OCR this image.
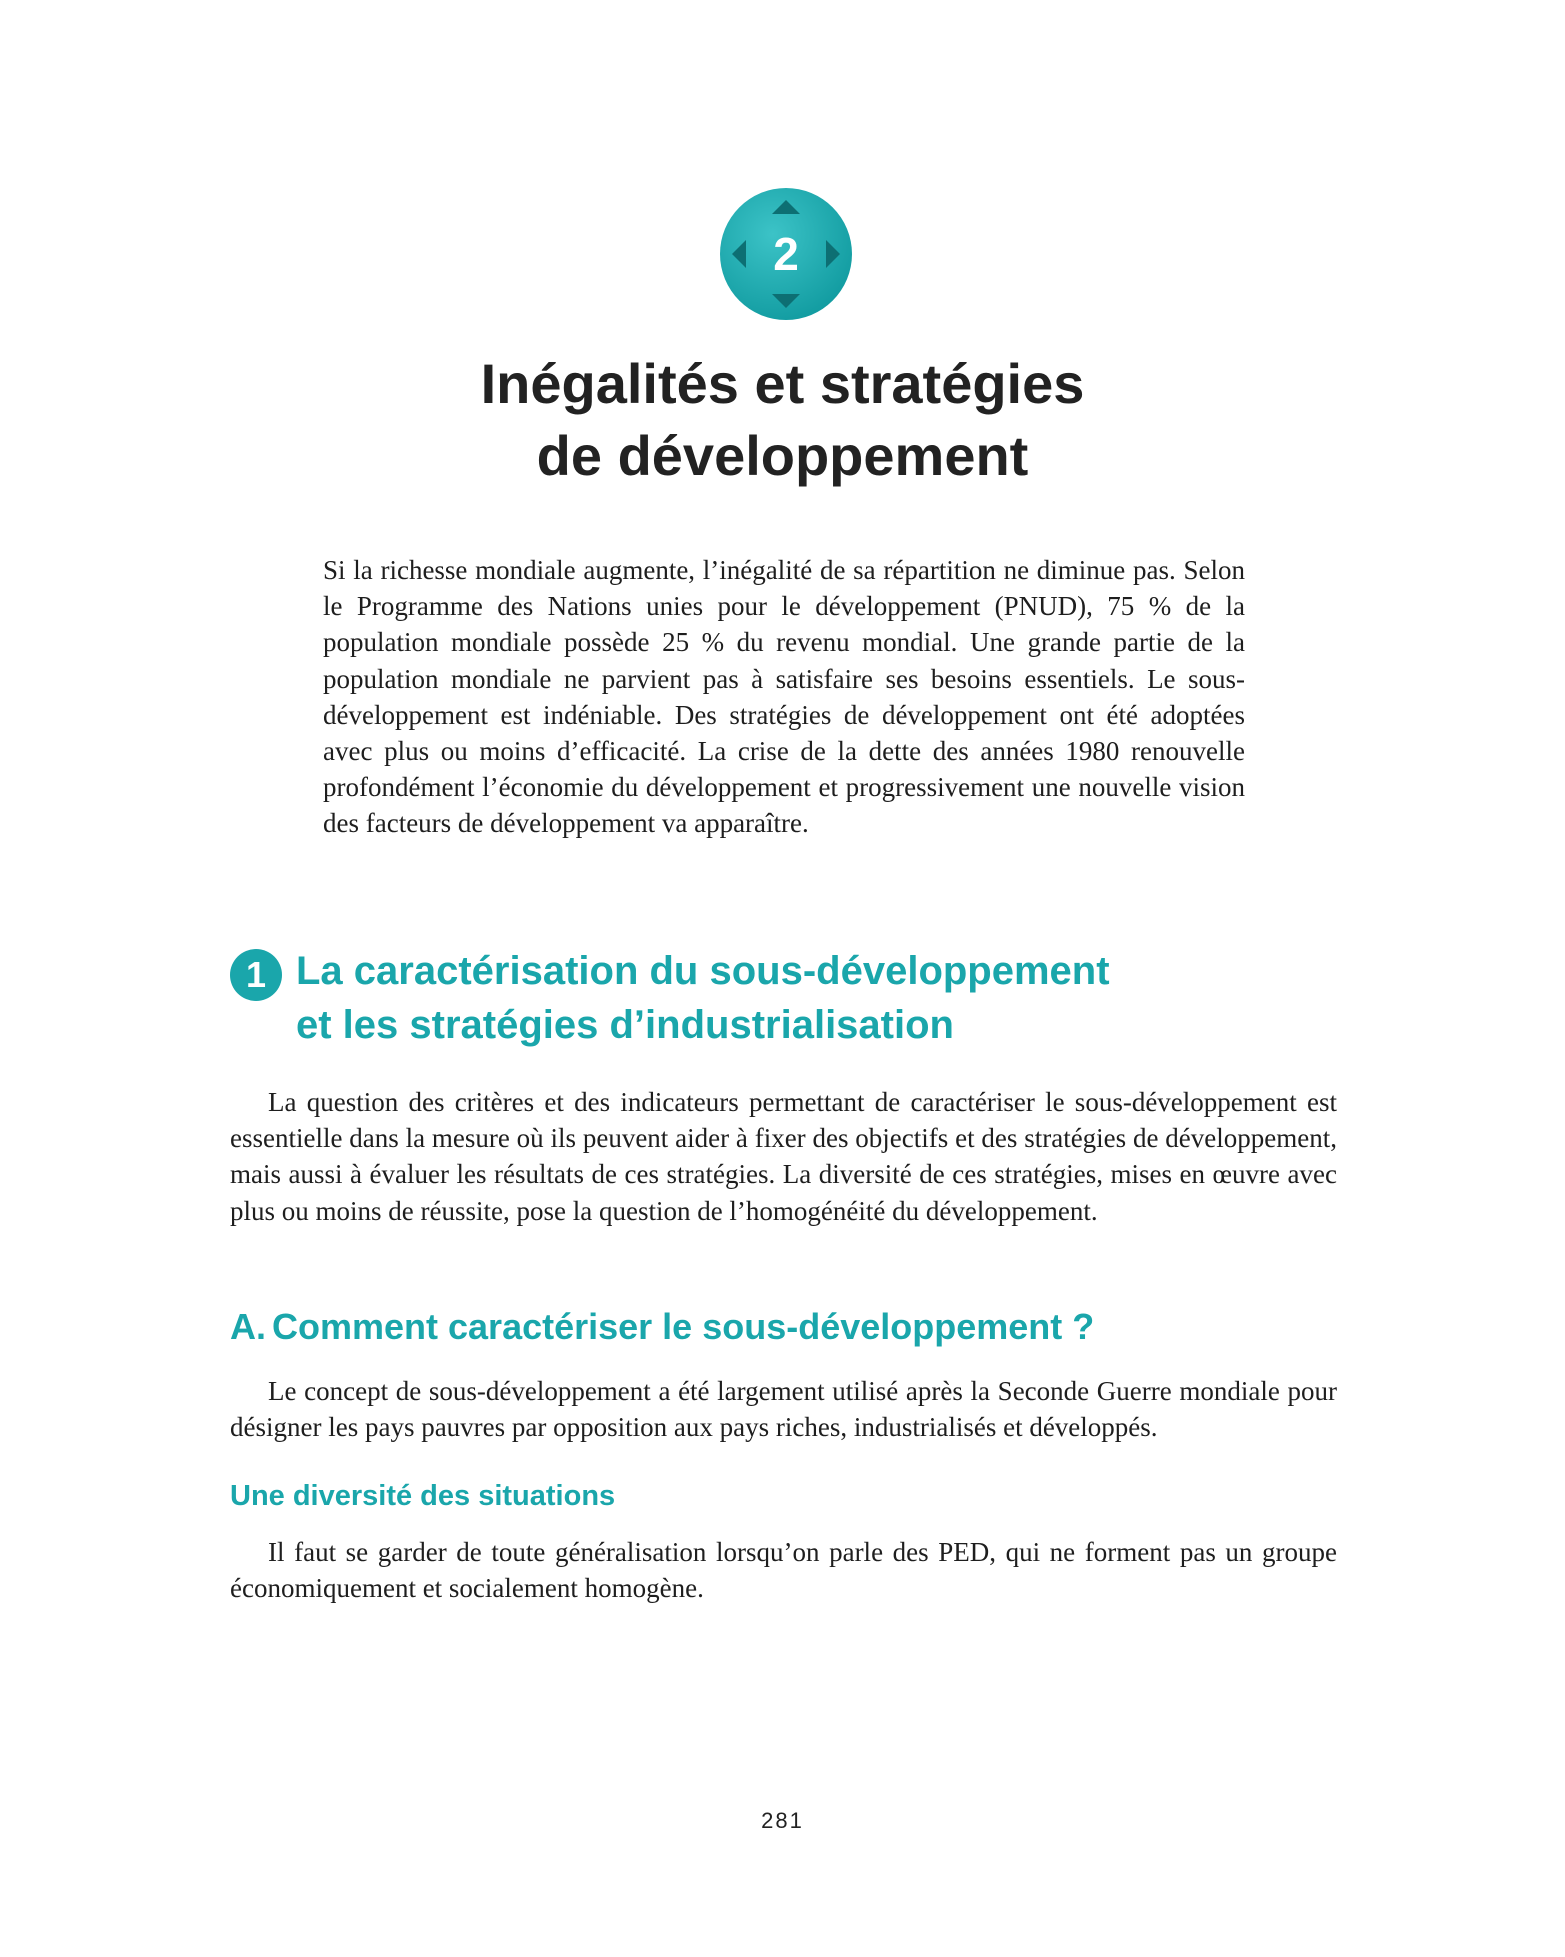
2
Inégalités et stratégies
de développement

Si la richesse mondiale augmente, l’inégalité de sa répartition ne diminue pas. Selon le Programme des Nations unies pour le développement (PNUD), 75 % de la population mondiale possède 25 % du revenu mondial. Une grande partie de la population mondiale ne parvient pas à satisfaire ses besoins essentiels. Le sous-développement est indéniable. Des stratégies de développement ont été adoptées avec plus ou moins d’efficacité. La crise de la dette des années 1980 renouvelle profondément l’économie du développement et progressivement une nouvelle vision des facteurs de développement va apparaître.

1 La caractérisation du sous-développement
et les stratégies d’industrialisation

La question des critères et des indicateurs permettant de caractériser le sous-développement est essentielle dans la mesure où ils peuvent aider à fixer des objectifs et des stratégies de développement, mais aussi à évaluer les résultats de ces stratégies. La diversité de ces stratégies, mises en œuvre avec plus ou moins de réussite, pose la question de l’homogénéité du développement.

A. Comment caractériser le sous-développement ?

Le concept de sous-développement a été largement utilisé après la Seconde Guerre mondiale pour désigner les pays pauvres par opposition aux pays riches, industrialisés et développés.

Une diversité des situations

Il faut se garder de toute généralisation lorsqu’on parle des PED, qui ne forment pas un groupe économiquement et socialement homogène.

281
